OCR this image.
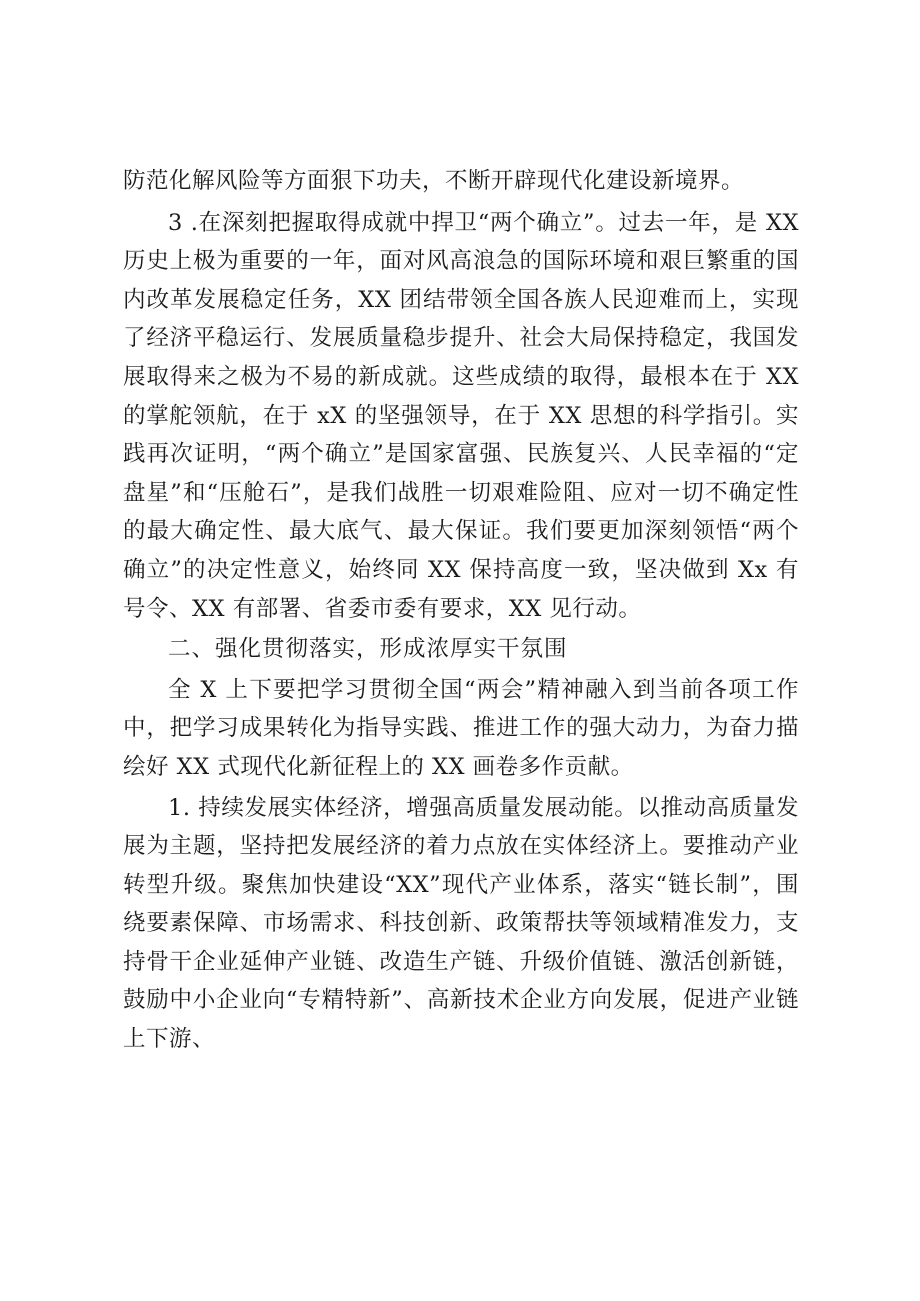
防范化解风险等方面狠下功夫，不断开辟现代化建设新境界。

3 .在深刻把握取得成就中捍卫“两个确立”。过去一年，是 XX 历史上极为重要的一年，面对风高浪急的国际环境和艰巨繁重的国内改革发展稳定任务，XX 团结带领全国各族人民迎难而上，实现了经济平稳运行、发展质量稳步提升、社会大局保持稳定，我国发展取得来之极为不易的新成就。这些成绩的取得，最根本在于 XX 的掌舵领航，在于 xX 的坚强领导，在于 XX 思想的科学指引。实践再次证明，“两个确立”是国家富强、民族复兴、人民幸福的“定盘星”和“压舱石”，是我们战胜一切艰难险阻、应对一切不确定性的最大确定性、最大底气、最大保证。我们要更加深刻领悟“两个确立”的决定性意义，始终同 XX 保持高度一致，坚决做到 Xx 有号令、XX 有部署、省委市委有要求，XX 见行动。

二、强化贯彻落实，形成浓厚实干氛围

全 X 上下要把学习贯彻全国“两会”精神融入到当前各项工作中，把学习成果转化为指导实践、推进工作的强大动力，为奋力描绘好 XX 式现代化新征程上的 XX 画卷多作贡献。

1. 持续发展实体经济，增强高质量发展动能。以推动高质量发展为主题，坚持把发展经济的着力点放在实体经济上。要推动产业转型升级。聚焦加快建设“XX”现代产业体系，落实“链长制”，围绕要素保障、市场需求、科技创新、政策帮扶等领域精准发力，支持骨干企业延伸产业链、改造生产链、升级价值链、激活创新链，鼓励中小企业向“专精特新”、高新技术企业方向发展，促进产业链上下游、
